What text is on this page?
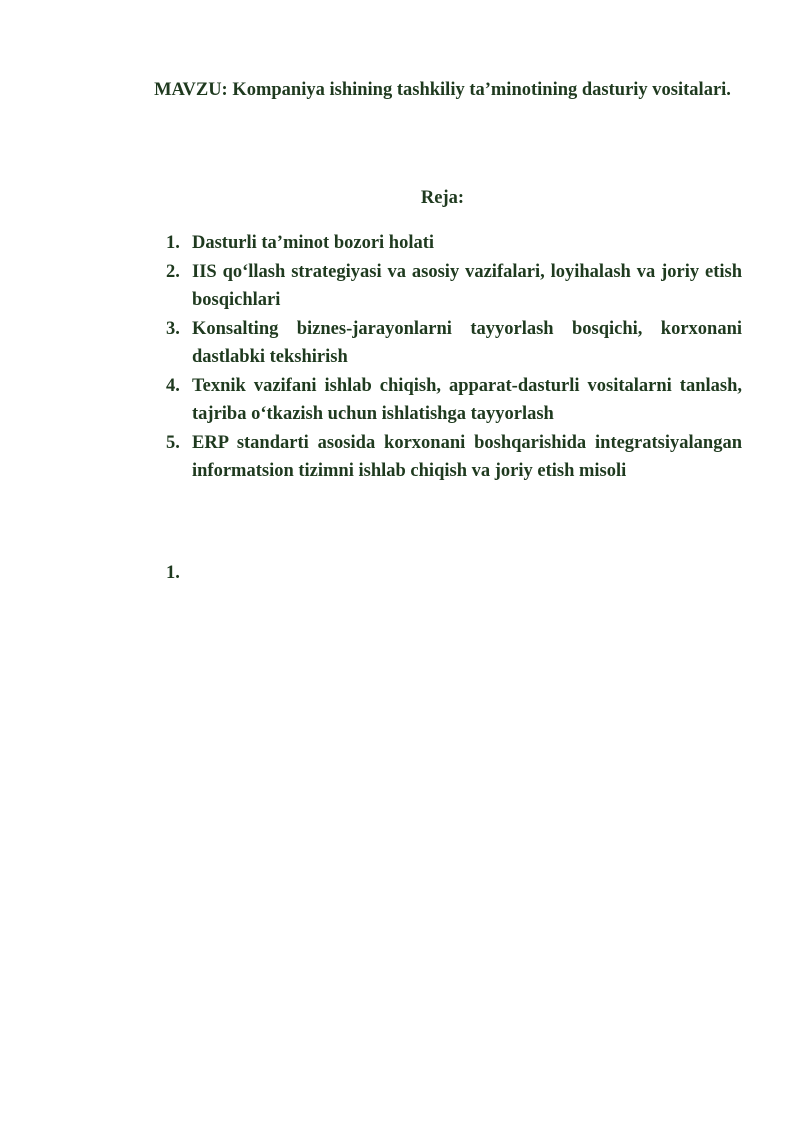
MAVZU: Kompaniya ishining tashkiliy ta’minotining dasturiy vositalari.
Reja:
1. Dasturli ta’minot bozori holati
2. IIS qo‘llash strategiyasi va asosiy vazifalari, loyihalash va joriy etish bosqichlari
3. Konsalting biznes-jarayonlarni tayyorlash bosqichi, korxonani dastlabki tekshirish
4. Texnik vazifani ishlab chiqish, apparat-dasturli vositalarni tanlash, tajriba o‘tkazish uchun ishlatishga tayyorlash
5. ERP standarti asosida korxonani boshqarishida integratsiyalangan informatsion tizimni ishlab chiqish va joriy etish misoli

1.
